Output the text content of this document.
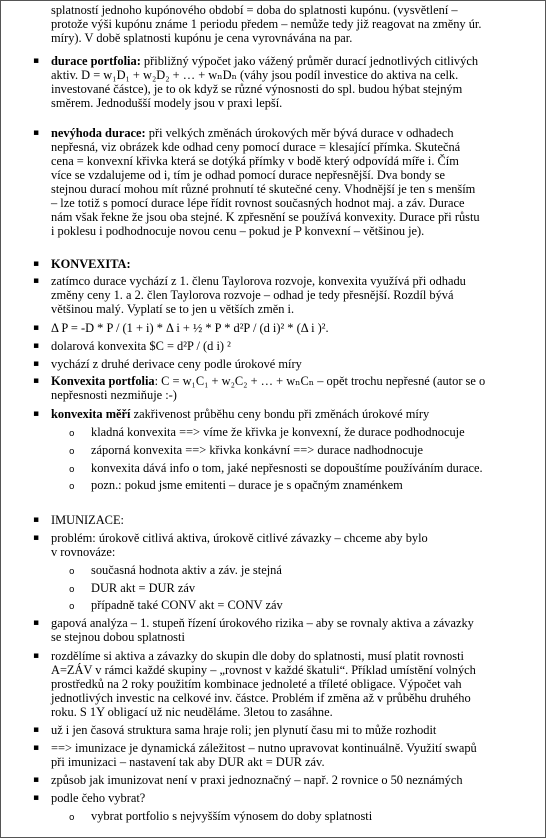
splatností jednoho kupónového období = doba do splatnosti kupónu. (vysvětlení –
protože výši kupónu známe 1 periodu předem – nemůže tedy již reagovat na změny úr.
míry). V době splatnosti kupónu je cena vyrovnávána na par.
▪ durace portfolia: přibližný výpočet jako vážený průměr durací jednotlivých citlivých
aktiv. D = w₁D₁ + w₂D₂ + … + wₙDₙ (váhy jsou podíl investice do aktiva na celk.
investované částce), je to ok když se různé výnosnosti do spl. budou hýbat stejným
směrem. Jednodušší modely jsou v praxi lepší.
▪ nevýhoda durace: při velkých změnách úrokových měr bývá durace v odhadech
nepřesná, viz obrázek kde odhad ceny pomocí durace = klesající přímka. Skutečná
cena = konvexní křivka která se dotýká přímky v bodě který odpovídá míře i. Čím
více se vzdalujeme od i, tím je odhad pomocí durace nepřesnější. Dva bondy se
stejnou durací mohou mít různé prohnutí té skutečné ceny. Vhodnější je ten s menším
– lze totiž s pomocí durace lépe řídit rovnost současných hodnot maj. a záv. Durace
nám však řekne že jsou oba stejné. K zpřesnění se používá konvexity. Durace při růstu
i poklesu i podhodnocuje novou cenu – pokud je P konvexní – většinou je).
▪ KONVEXITA:
▪ zatímco durace vychází z 1. členu Taylorova rozvoje, konvexita využívá při odhadu
změny ceny 1. a 2. člen Taylorova rozvoje – odhad je tedy přesnější. Rozdíl bývá
většinou malý. Vyplatí se to jen u větších změn i.
▪ Δ P = -D * P / (1 + i) * Δ i + ½ * P * d²P / (d i)² * (Δ i )².
▪ dolarová konvexita $C = d²P / (d i) ²
▪ vychází z druhé derivace ceny podle úrokové míry
▪ Konvexita portfolia: C = w₁C₁ + w₂C₂ + … + wₙCₙ – opět trochu nepřesné (autor se o
nepřesnosti nezmiňuje :-)
▪ konvexita měří zakřivenost průběhu ceny bondu při změnách úrokové míry
o kladná konvexita ==> víme že křivka je konvexní, že durace podhodnocuje
o záporná konvexita ==> křivka konkávní ==> durace nadhodnocuje
o konvexita dává info o tom, jaké nepřesnosti se dopouštíme používáním durace.
o pozn.: pokud jsme emitenti – durace je s opačným znaménkem
▪ IMUNIZACE:
▪ problém: úrokově citlivá aktiva, úrokově citlivé závazky – chceme aby bylo
v rovnováze:
o současná hodnota aktiv a záv. je stejná
o DUR akt = DUR záv
o případně také CONV akt = CONV záv
▪ gapová analýza – 1. stupeň řízení úrokového rizika – aby se rovnaly aktiva a závazky
se stejnou dobou splatnosti
▪ rozdělíme si aktiva a závazky do skupin dle doby do splatnosti, musí platit rovnosti
A=ZÁV v rámci každé skupiny – „rovnost v každé škatuli“. Příklad umístění volných
prostředků na 2 roky použitím kombinace jednoleté a tříleté obligace. Výpočet vah
jednotlivých investic na celkové inv. částce. Problém if změna až v průběhu druhého
roku. S 1Y obligací už nic neuděláme. 3letou to zasáhne.
▪ už i jen časová struktura sama hraje roli; jen plynutí času mi to může rozhodit
▪ ==> imunizace je dynamická záležitost – nutno upravovat kontinuálně. Využití swapů
při imunizaci – nastavení tak aby DUR akt = DUR záv.
▪ způsob jak imunizovat není v praxi jednoznačný – např. 2 rovnice o 50 neznámých
▪ podle čeho vybrat?
o vybrat portfolio s nejvyšším výnosem do doby splatnosti
